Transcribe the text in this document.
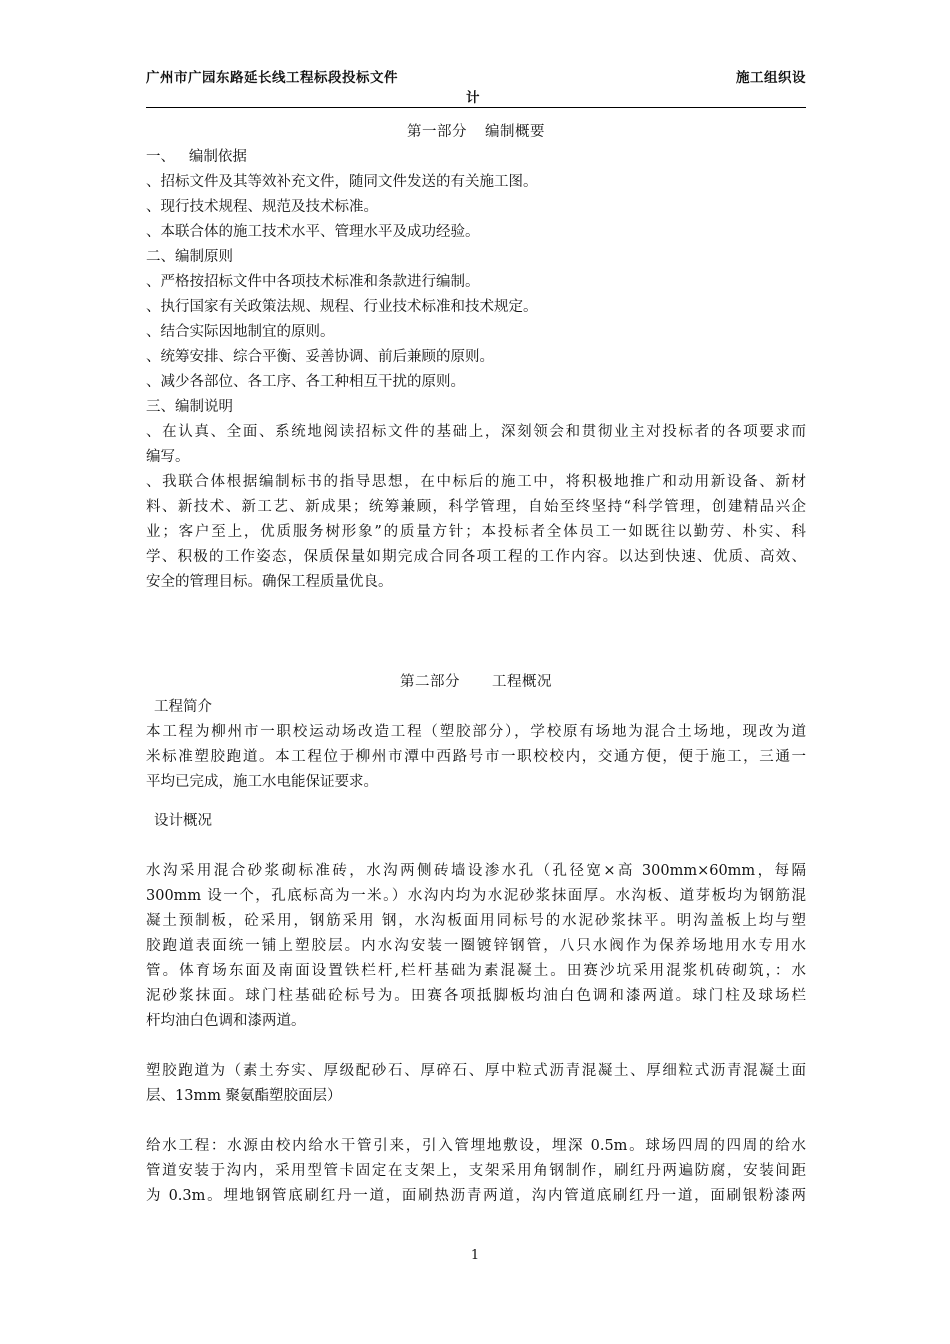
广州市广园东路延长线工程标段投标文件	施工组织设
计
第一部分 编制概要
一、   编制依据
、招标文件及其等效补充文件，随同文件发送的有关施工图。
、现行技术规程、规范及技术标准。
、本联合体的施工技术水平、管理水平及成功经验。
二、编制原则
、严格按招标文件中各项技术标准和条款进行编制。
、执行国家有关政策法规、规程、行业技术标准和技术规定。
、结合实际因地制宜的原则。
、统筹安排、综合平衡、妥善协调、前后兼顾的原则。
、减少各部位、各工序、各工种相互干扰的原则。
三、编制说明
、在认真、全面、系统地阅读招标文件的基础上，深刻领会和贯彻业主对投标者的各项要求而
编写。
、我联合体根据编制标书的指导思想，在中标后的施工中，将积极地推广和动用新设备、新材
料、新技术、新工艺、新成果；统筹兼顾，科学管理，自始至终坚持“科学管理，创建精品兴企
业；客户至上，优质服务树形象”的质量方针；本投标者全体员工一如既往以勤劳、朴实、科
学、积极的工作姿态，保质保量如期完成合同各项工程的工作内容。以达到快速、优质、高效、
安全的管理目标。确保工程质量优良。
第二部分 工程概况
工程简介
本工程为柳州市一职校运动场改造工程（塑胶部分），学校原有场地为混合土场地，现改为道
米标准塑胶跑道。本工程位于柳州市潭中西路号市一职校校内，交通方便，便于施工，三通一
平均已完成，施工水电能保证要求。
设计概况
水沟采用混合砂浆砌标准砖，水沟两侧砖墙设渗水孔（孔径宽×高 300mm×60mm，每隔
300mm 设一个，孔底标高为一米。）水沟内均为水泥砂浆抹面厚。水沟板、道芽板均为钢筋混
凝土预制板，砼采用，钢筋采用 钢，水沟板面用同标号的水泥砂浆抹平。明沟盖板上均与塑
胶跑道表面统一铺上塑胶层。内水沟安装一圈镀锌钢管，八只水阀作为保养场地用水专用水
管。体育场东面及南面设置铁栏杆,栏杆基础为素混凝土。田赛沙坑采用混浆机砖砌筑，：水
泥砂浆抹面。球门柱基础砼标号为。田赛各项抵脚板均油白色调和漆两道。球门柱及球场栏
杆均油白色调和漆两道。
塑胶跑道为（素土夯实、厚级配砂石、厚碎石、厚中粒式沥青混凝土、厚细粒式沥青混凝土面
层、13mm 聚氨酯塑胶面层）
给水工程：水源由校内给水干管引来，引入管埋地敷设，埋深 0.5m。球场四周的四周的给水
管道安装于沟内，采用型管卡固定在支架上，支架采用角钢制作，刷红丹两遍防腐，安装间距
为 0.3m。埋地钢管底刷红丹一道，面刷热沥青两道，沟内管道底刷红丹一道，面刷银粉漆两
1
